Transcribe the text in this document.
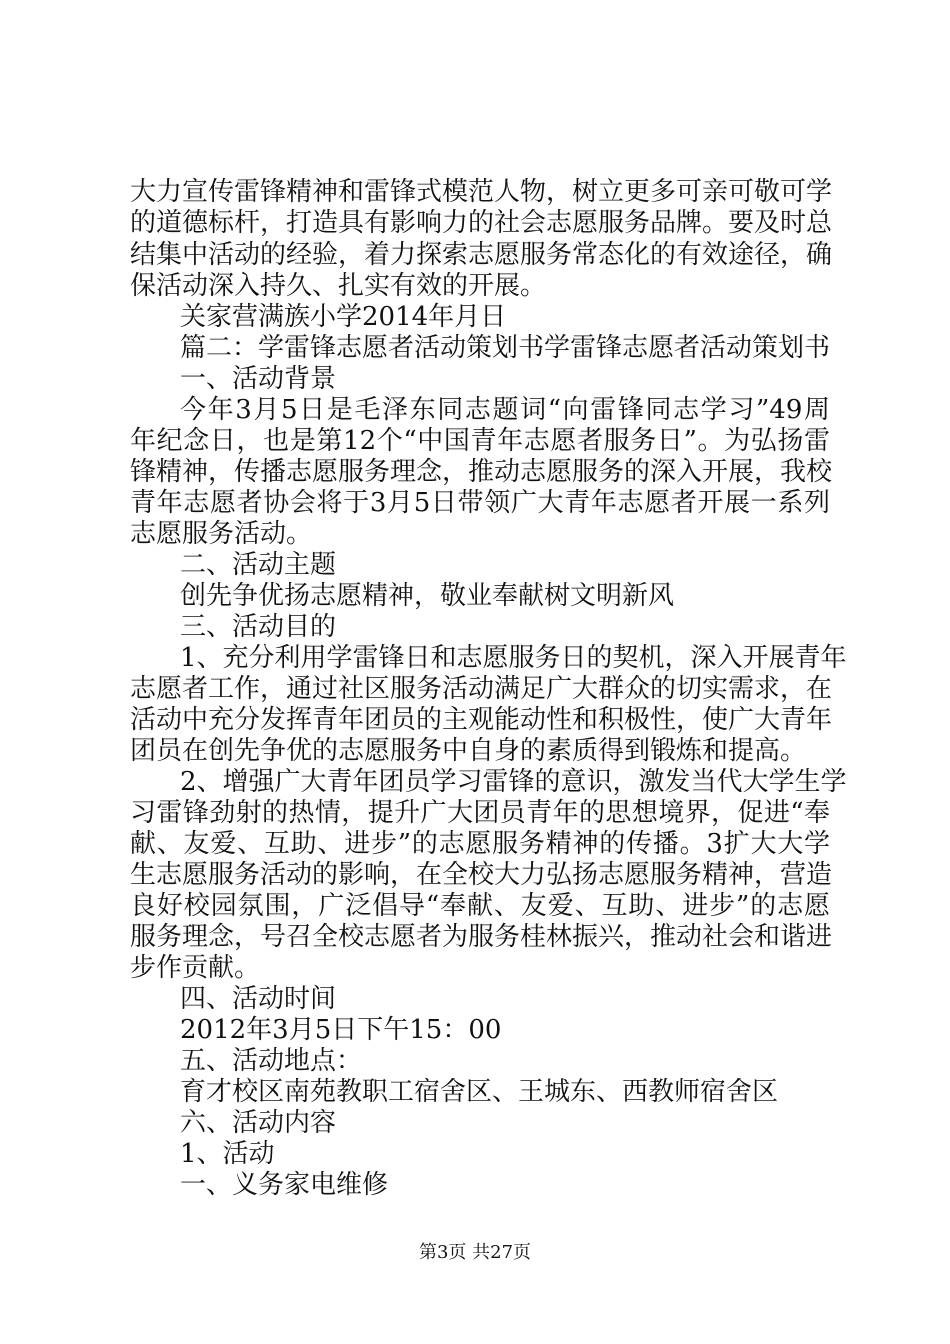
大力宣传雷锋精神和雷锋式模范人物，树立更多可亲可敬可学
的道德标杆，打造具有影响力的社会志愿服务品牌。要及时总
结集中活动的经验，着力探索志愿服务常态化的有效途径，确
保活动深入持久、扎实有效的开展。
关家营满族小学2014年月日
篇二：学雷锋志愿者活动策划书学雷锋志愿者活动策划书
一、活动背景
今年3月5日是毛泽东同志题词“向雷锋同志学习”49周
年纪念日，也是第12个“中国青年志愿者服务日”。为弘扬雷
锋精神，传播志愿服务理念，推动志愿服务的深入开展，我校
青年志愿者协会将于3月5日带领广大青年志愿者开展一系列
志愿服务活动。
二、活动主题
创先争优扬志愿精神，敬业奉献树文明新风
三、活动目的
1、充分利用学雷锋日和志愿服务日的契机，深入开展青年
志愿者工作，通过社区服务活动满足广大群众的切实需求，在
活动中充分发挥青年团员的主观能动性和积极性，使广大青年
团员在创先争优的志愿服务中自身的素质得到锻炼和提高。
2、增强广大青年团员学习雷锋的意识，激发当代大学生学
习雷锋劲射的热情，提升广大团员青年的思想境界，促进“奉
献、友爱、互助、进步”的志愿服务精神的传播。3扩大大学
生志愿服务活动的影响，在全校大力弘扬志愿服务精神，营造
良好校园氛围，广泛倡导“奉献、友爱、互助、进步”的志愿
服务理念，号召全校志愿者为服务桂林振兴，推动社会和谐进
步作贡献。
四、活动时间
2012年3月5日下午15：00
五、活动地点：
育才校区南苑教职工宿舍区、王城东、西教师宿舍区
六、活动内容
1、活动
一、义务家电维修
第3页 共27页
